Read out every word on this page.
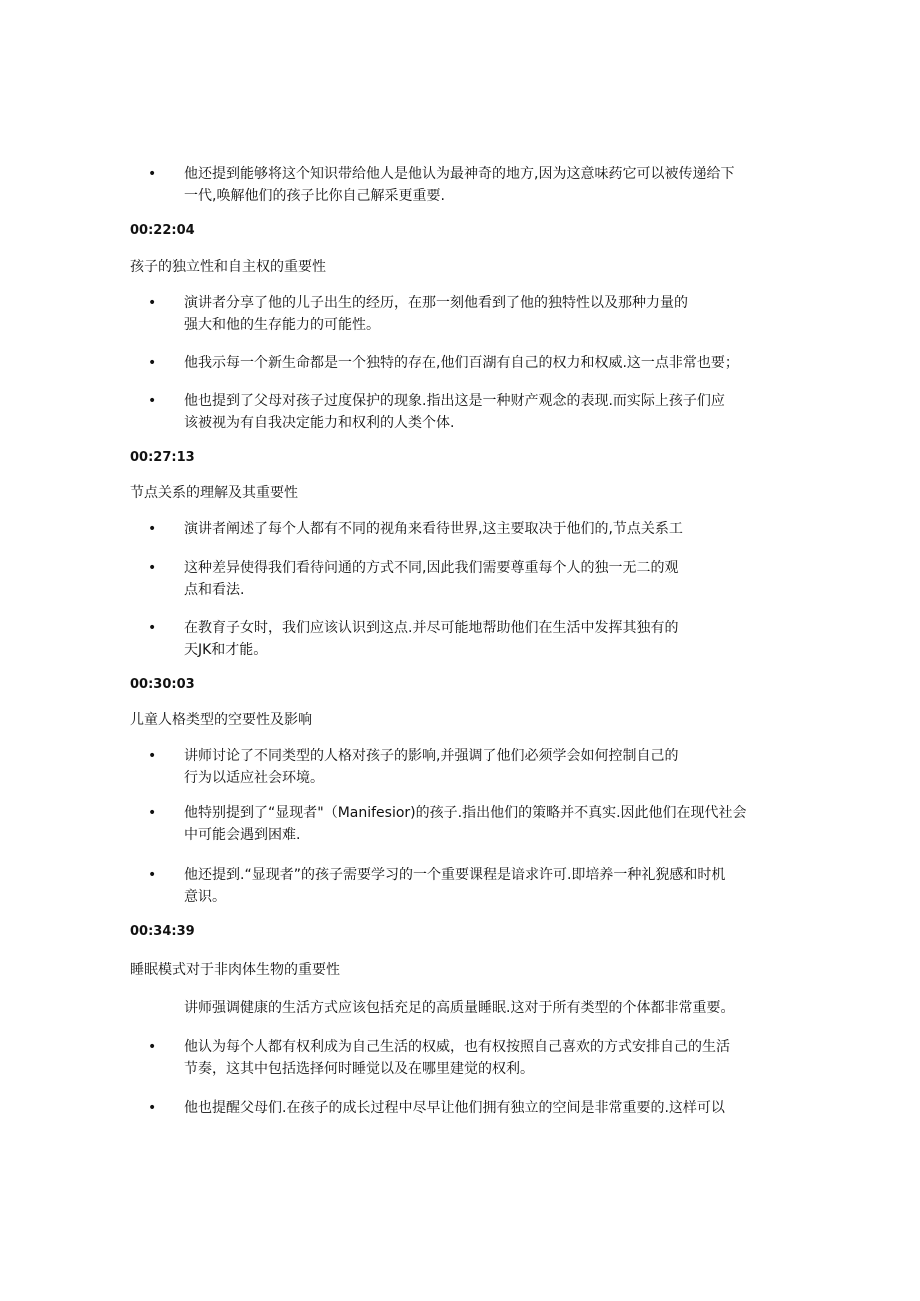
• 他还提到能够将这个知识带给他人是他认为最神奇的地方,因为这意味药它可以被传递给下
一代,唤解他们的孩子比你自己解采更重要.
00:22:04
孩子的独立性和自主权的重要性
• 演讲者分享了他的儿子出生的经历，在那一刻他看到了他的独特性以及那种力量的
强大和他的生存能力的可能性。
• 他我示每一个新生命都是一个独特的存在,他们百湖有自己的权力和权威.这一点非常也要；
• 他也提到了父母对孩子过度保护的现象.指出这是一种财产观念的表现.而实际上孩子们应
该被视为有自我决定能力和权利的人类个体.
00:27:13
节点关系的理解及其重要性
• 演讲者阐述了每个人都有不同的视角来看待世界,这主要取决于他们的,节点关系工
• 这种差异使得我们看待问通的方式不同,因此我们需要尊重每个人的独一无二的观
点和看法.
• 在教育子女时，我们应该认识到这点.并尽可能地帮助他们在生活中发挥其独有的
天JK和才能。
00:30:03
儿童人格类型的空要性及影响
• 讲师讨论了不同类型的人格对孩子的影响,并强调了他们必须学会如何控制自己的
行为以适应社会环境。
• 他特别提到了“显现者"（Manifesior)的孩子.指出他们的策略并不真实.因此他们在现代社会
中可能会遇到困难.
• 他还提到.“显现者”的孩子需要学习的一个重要课程是谙求许可.即培养一种礼猊感和时机
意识。
00:34:39
睡眠模式对于非肉体生物的重要性
讲师强调健康的生活方式应该包括充足的高质量睡眠.这对于所有类型的个体都非常重要。
• 他认为每个人都有权利成为自己生活的权威，也有权按照自己喜欢的方式安排自己的生活
节奏，这其中包括选择何时睡觉以及在哪里建觉的权利。
• 他也提醒父母们.在孩子的成长过程中尽早让他们拥有独立的空间是非常重要的.这样可以
